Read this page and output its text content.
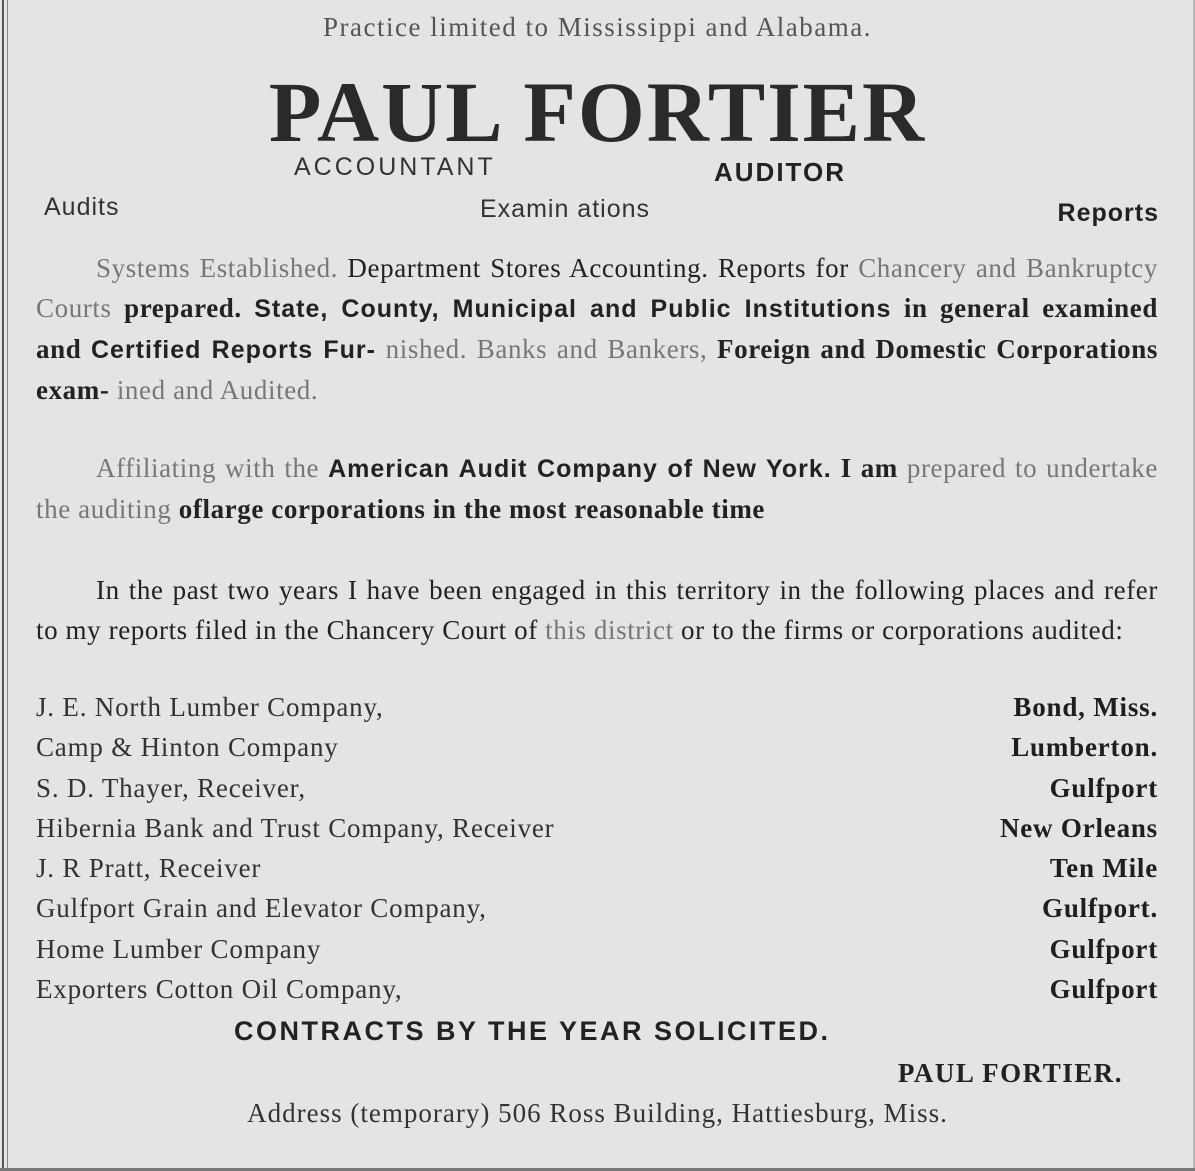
Practice limited to Mississippi and Alabama.
PAUL FORTIER
ACCOUNTANT	AUDITOR
Audits	Examin ations	Reports
Systems Established. Department Stores Accounting. Reports for Chancery and Bankruptcy Courts prepared. State, County, Municipal and Public Institutions in general examined and Certified Reports Fur- nished. Banks and Bankers, Foreign and Domestic Corporations exam- ined and Audited.
Affiliating with the American Audit Company of New York. I am prepared to undertake the auditing oflarge corporations in the most reasonable time
In the past two years I have been engaged in this territory in the following places and refer to my reports filed in the Chancery Court of this district or to the firms or corporations audited:
J. E. North Lumber Company,	Bond, Miss.
Camp & Hinton Company	Lumberton.
S. D. Thayer, Receiver,	Gulfport
Hibernia Bank and Trust Company, Receiver	New Orleans
J. R Pratt, Receiver	Ten Mile
Gulfport Grain and Elevator Company,	Gulfport.
Home Lumber Company	Gulfport
Exporters Cotton Oil Company,	Gulfport
CONTRACTS BY THE YEAR SOLICITED.
PAUL FORTIER.
Address (temporary) 506 Ross Building, Hattiesburg, Miss.
